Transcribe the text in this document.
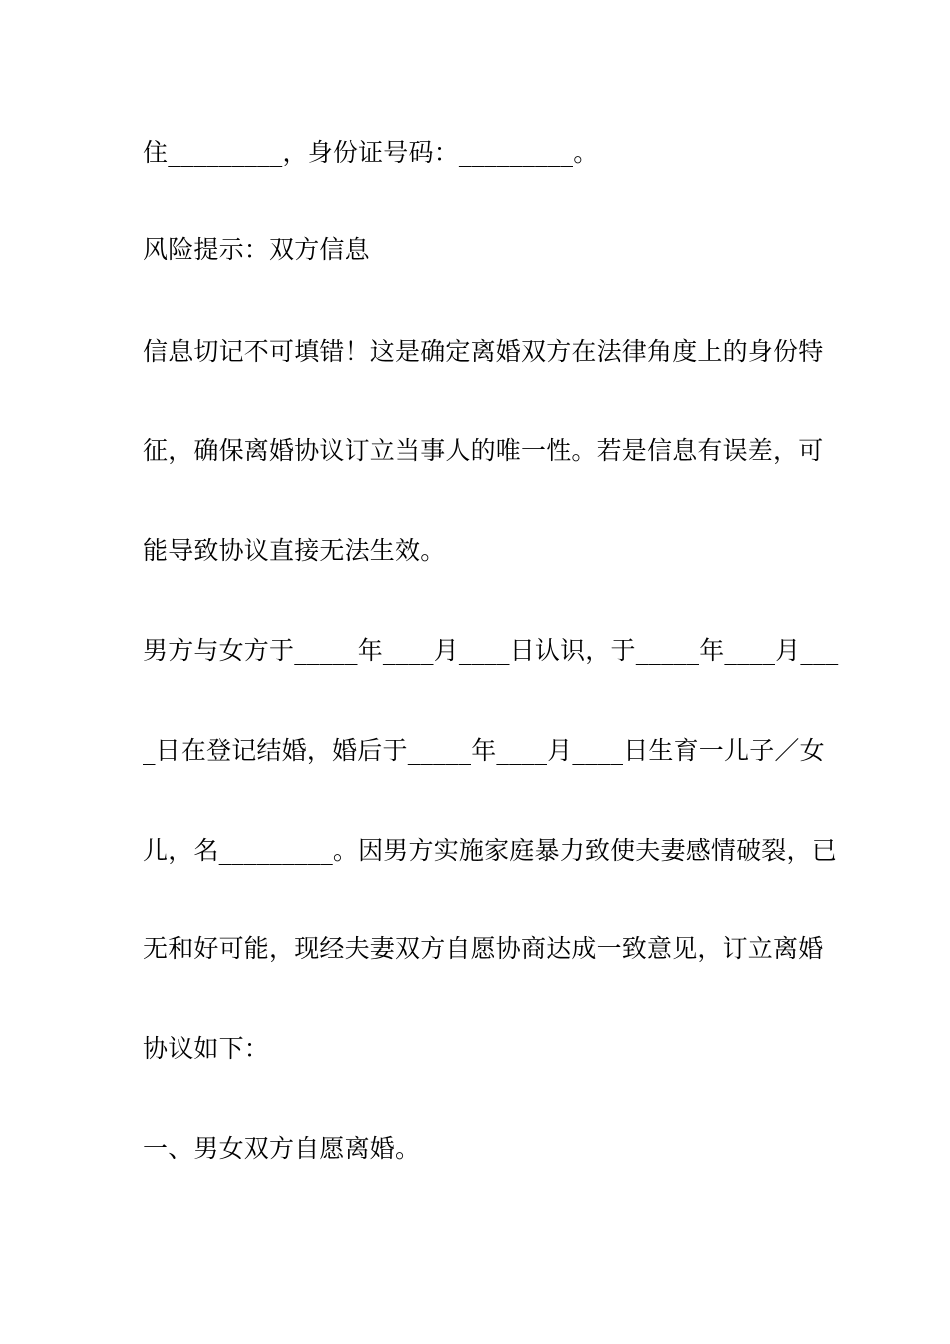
住_________，身份证号码：_________。
风险提示：双方信息
信息切记不可填错！这是确定离婚双方在法律角度上的身份特
征，确保离婚协议订立当事人的唯一性。若是信息有误差，可
能导致协议直接无法生效。
男方与女方于_____年____月____日认识，于_____年____月___
_日在登记结婚，婚后于_____年____月____日生育一儿子／女
儿，名_________。因男方实施家庭暴力致使夫妻感情破裂，已
无和好可能，现经夫妻双方自愿协商达成一致意见，订立离婚
协议如下：
一、男女双方自愿离婚。
